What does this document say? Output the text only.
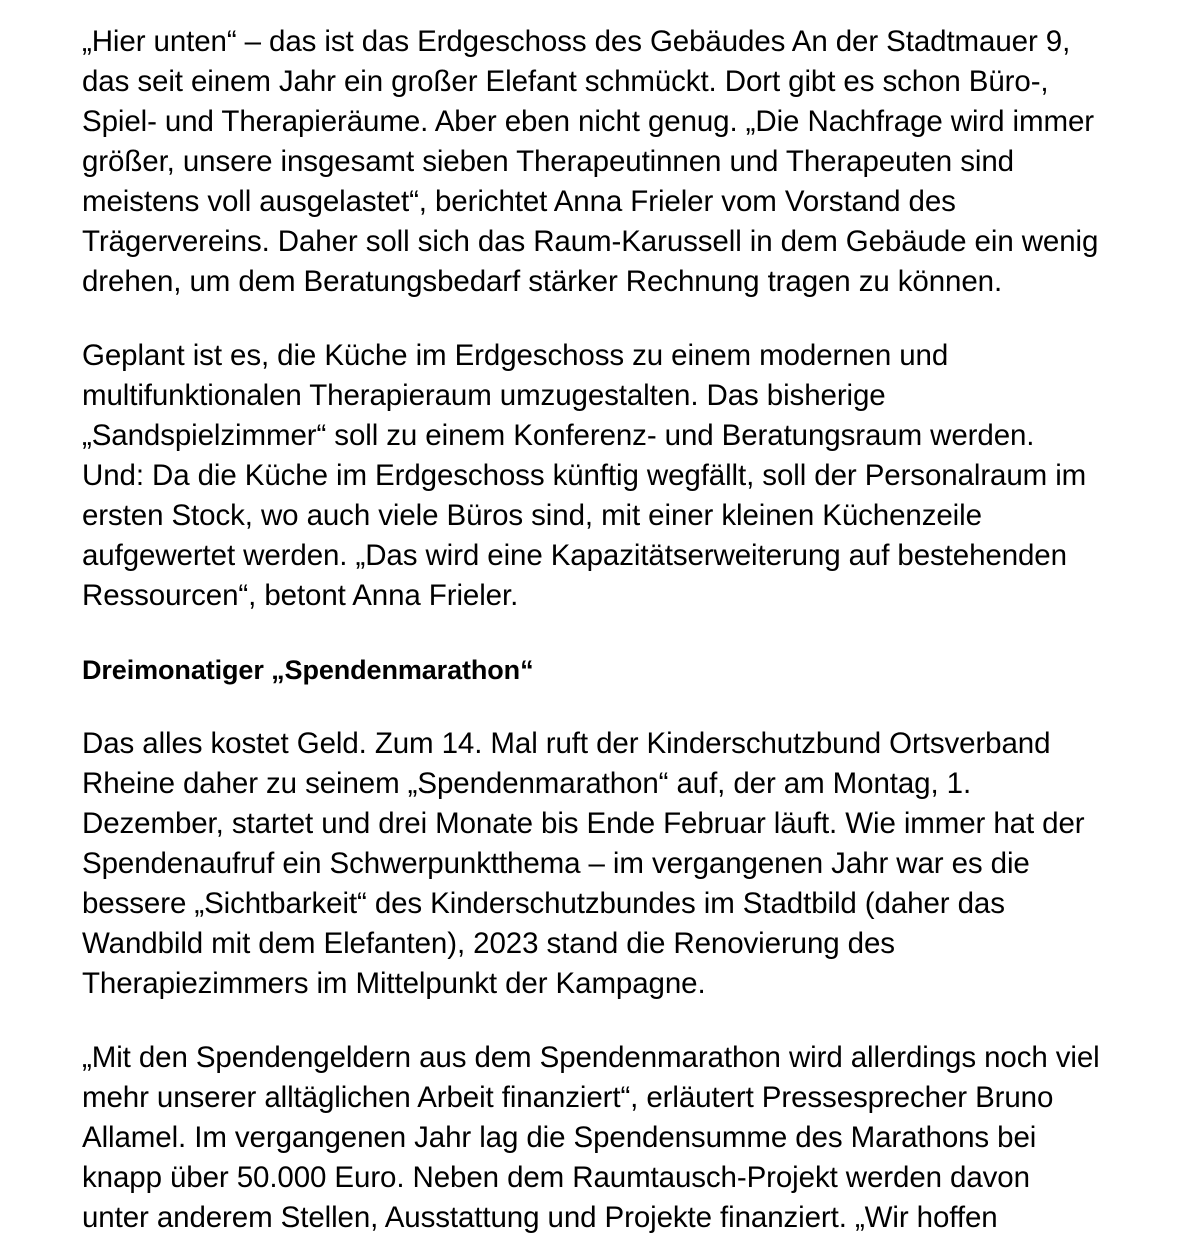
„Hier unten“ – das ist das Erdgeschoss des Gebäudes An der Stadtmauer 9, das seit einem Jahr ein großer Elefant schmückt. Dort gibt es schon Büro-, Spiel- und Therapieräume. Aber eben nicht genug. „Die Nachfrage wird immer größer, unsere insgesamt sieben Therapeutinnen und Therapeuten sind meistens voll ausgelastet“, berichtet Anna Frieler vom Vorstand des Trägervereins. Daher soll sich das Raum-Karussell in dem Gebäude ein wenig drehen, um dem Beratungsbedarf stärker Rechnung tragen zu können.

Geplant ist es, die Küche im Erdgeschoss zu einem modernen und multifunktionalen Therapieraum umzugestalten. Das bisherige „Sandspielzimmer“ soll zu einem Konferenz- und Beratungsraum werden. Und: Da die Küche im Erdgeschoss künftig wegfällt, soll der Personalraum im ersten Stock, wo auch viele Büros sind, mit einer kleinen Küchenzeile aufgewertet werden. „Das wird eine Kapazitätserweiterung auf bestehenden Ressourcen“, betont Anna Frieler.

Dreimonatiger „Spendenmarathon“

Das alles kostet Geld. Zum 14. Mal ruft der Kinderschutzbund Ortsverband Rheine daher zu seinem „Spendenmarathon“ auf, der am Montag, 1. Dezember, startet und drei Monate bis Ende Februar läuft. Wie immer hat der Spendenaufruf ein Schwerpunktthema – im vergangenen Jahr war es die bessere „Sichtbarkeit“ des Kinderschutzbundes im Stadtbild (daher das Wandbild mit dem Elefanten), 2023 stand die Renovierung des Therapiezimmers im Mittelpunkt der Kampagne.

„Mit den Spendengeldern aus dem Spendenmarathon wird allerdings noch viel mehr unserer alltäglichen Arbeit finanziert“, erläutert Pressesprecher Bruno Allamel. Im vergangenen Jahr lag die Spendensumme des Marathons bei knapp über 50.000 Euro. Neben dem Raumtausch-Projekt werden davon unter anderem Stellen, Ausstattung und Projekte finanziert. „Wir hoffen
